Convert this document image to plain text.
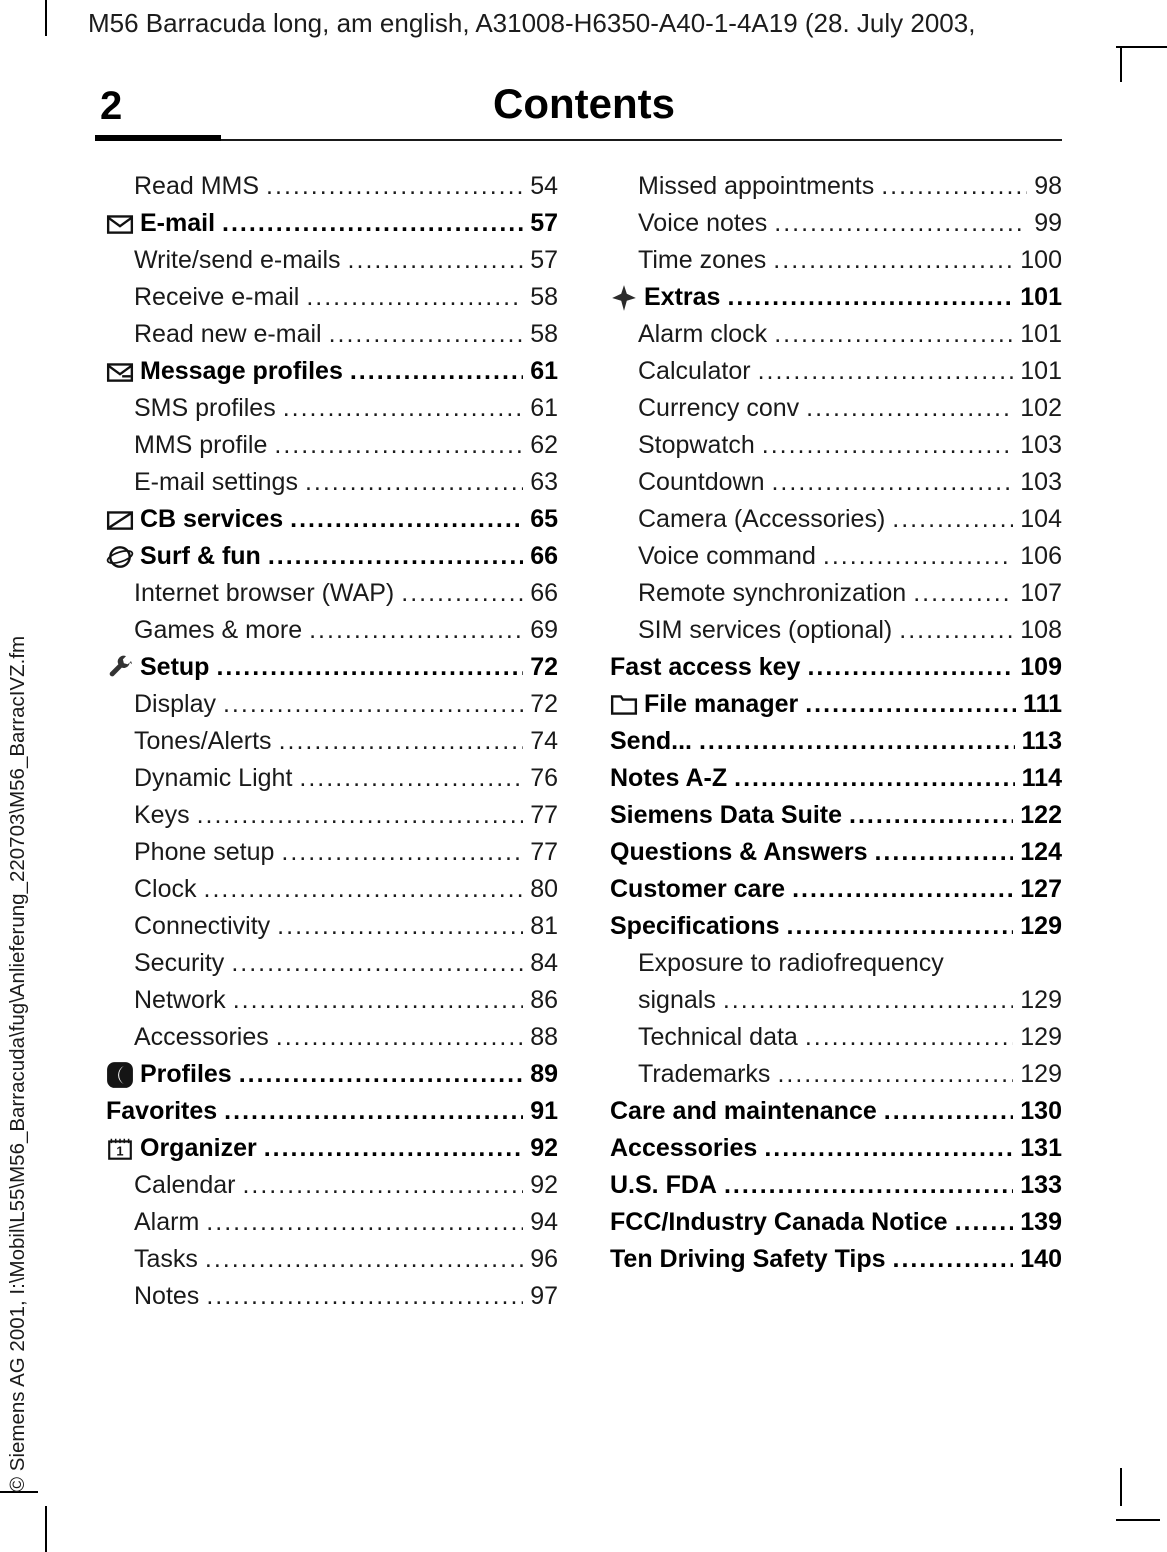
M56 Barracuda long, am english, A31008-H6350-A40-1-4A19 (28. July 2003,
© Siemens AG 2001, I:\Mobil\L55\M56_Barracuda\fug\Anlieferung_220703\M56_BarracIVZ.fm
2	Contents
Read MMS .....	54
E-mail .....	57
Write/send e-mails .....	57
Receive e-mail .....	58
Read new e-mail .....	58
Message profiles .....	61
SMS profiles .....	61
MMS profile .....	62
E-mail settings .....	63
CB services .....	65
Surf & fun .....	66
Internet browser (WAP) .....	66
Games & more .....	69
Setup .....	72
Display .....	72
Tones/Alerts .....	74
Dynamic Light .....	76
Keys .....	77
Phone setup .....	77
Clock .....	80
Connectivity .....	81
Security .....	84
Network .....	86
Accessories .....	88
Profiles .....	89
Favorites .....	91
1 Organizer .....	92
Calendar .....	92
Alarm .....	94
Tasks .....	96
Notes .....	97
Missed appointments .....	98
Voice notes .....	99
Time zones .....	100
Extras .....	101
Alarm clock .....	101
Calculator .....	101
Currency conv .....	102
Stopwatch .....	103
Countdown .....	103
Camera (Accessories) .....	104
Voice command .....	106
Remote synchronization .....	107
SIM services (optional) .....	108
Fast access key .....	109
File manager .....	111
Send... .....	113
Notes A-Z .....	114
Siemens Data Suite .....	122
Questions & Answers .....	124
Customer care .....	127
Specifications .....	129
Exposure to radiofrequency
signals .....	129
Technical data .....	129
Trademarks .....	129
Care and maintenance .....	130
Accessories .....	131
U.S. FDA .....	133
FCC/Industry Canada Notice .....	139
Ten Driving Safety Tips .....	140
